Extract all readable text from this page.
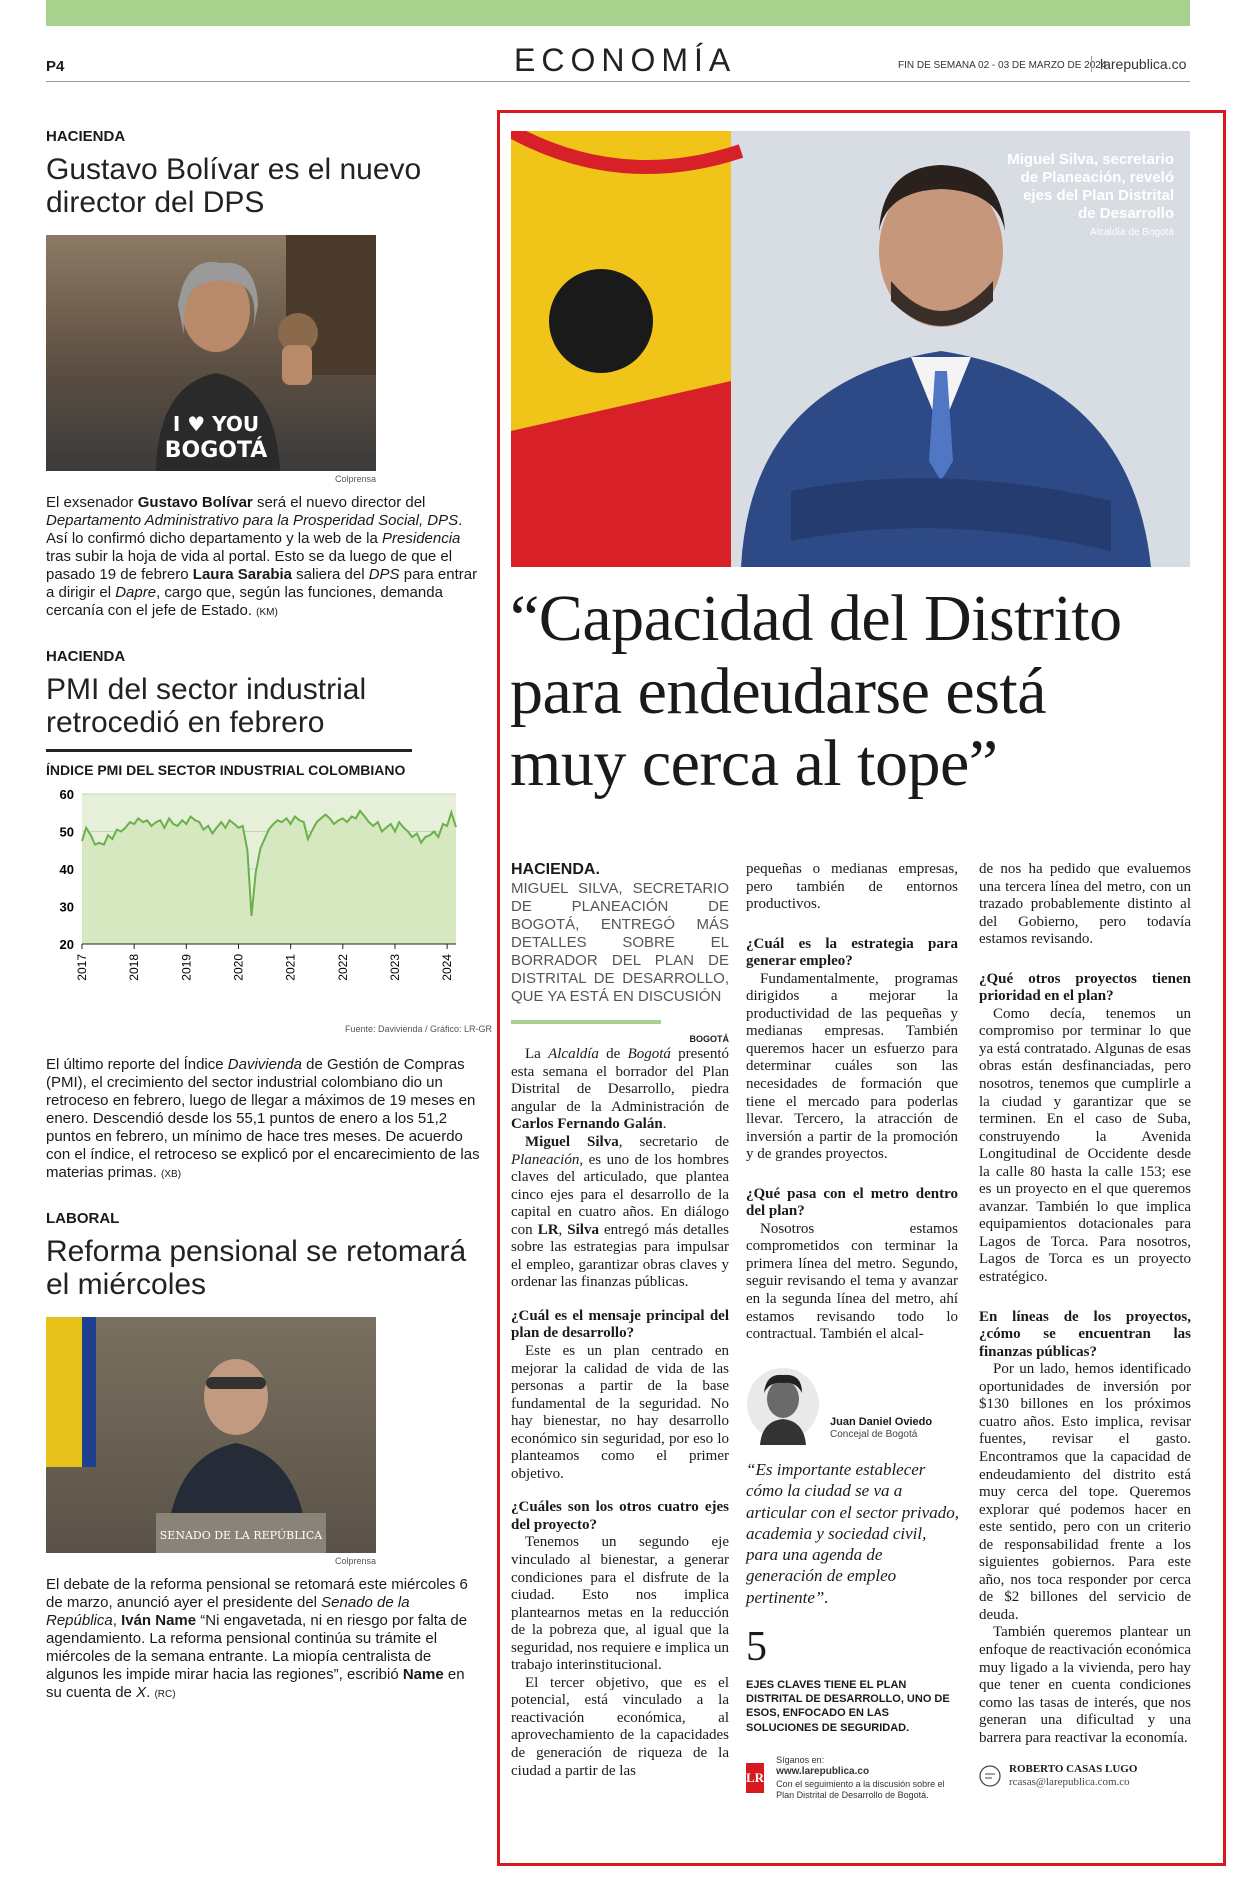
P4	ECONOMÍA	FIN DE SEMANA 02 - 03 DE MARZO DE 2024
larepublica.co
HACIENDA
Gustavo Bolívar es el nuevo director del DPS
I ♥ YOU
BOGOTÁ
Colprensa

El exsenador Gustavo Bolívar será el nuevo director del Departamento Administrativo para la Prosperidad Social, DPS. Así lo confirmó dicho departamento y la web de la Presidencia tras subir la hoja de vida al portal. Esto se da luego de que el pasado 19 de febrero Laura Sarabia saliera del DPS para entrar a dirigir el Dapre, cargo que, según las funciones, demanda cercanía con el jefe de Estado. (KM)

HACIENDA
PMI del sector industrial retrocedió en febrero
ÍNDICE PMI DEL SECTOR INDUSTRIAL COLOMBIANO
60
50
40
30
20
2017	2018	2019	2020	2021	2022	2023	2024
Fuente: Davivienda / Gráfico: LR-GR

El último reporte del Índice Davivienda de Gestión de Compras (PMI), el crecimiento del sector industrial colombiano dio un retroceso en febrero, luego de llegar a máximos de 19 meses en enero. Descendió desde los 55,1 puntos de enero a los 51,2 puntos en febrero, un mínimo de hace tres meses. De acuerdo con el índice, el retroceso se explicó por el encarecimiento de las materias primas. (XB)

LABORAL
Reforma pensional se retomará el miércoles
SENADO DE LA REPÚBLICA
Colprensa

El debate de la reforma pensional se retomará este miércoles 6 de marzo, anunció ayer el presidente del Senado de la República, Iván Name “Ni engavetada, ni en riesgo por falta de agendamiento. La reforma pensional continúa su trámite el miércoles de la semana entrante. La miopía centralista de algunos les impide mirar hacia las regiones”, escribió Name en su cuenta de X. (RC)

Miguel Silva, secretario de Planeación, reveló ejes del Plan Distrital de Desarrollo
Alcaldía de Bogotá
“Capacidad del Distrito
para endeudarse está
muy cerca al tope”
HACIENDA.
MIGUEL SILVA, SECRETARIO DE PLANEACIÓN DE BOGOTÁ, ENTREGÓ MÁS DETALLES SOBRE EL BORRADOR DEL PLAN DE DISTRITAL DE DESARROLLO, QUE YA ESTÁ EN DISCUSIÓN
BOGOTÁ

La Alcaldía de Bogotá presentó esta semana el borrador del Plan Distrital de Desarrollo, piedra angular de la Administración de Carlos Fernando Galán.

Miguel Silva, secretario de Planeación, es uno de los hombres claves del articulado, que plantea cinco ejes para el desarrollo de la capital en cuatro años. En diálogo con LR, Silva entregó más detalles sobre las estrategias para impulsar el empleo, garantizar obras claves y ordenar las finanzas públicas.

¿Cuál es el mensaje principal del plan de desarrollo?

Este es un plan centrado en mejorar la calidad de vida de las personas a partir de la base fundamental de la seguridad. No hay bienestar, no hay desarrollo económico sin seguridad, por eso lo planteamos como el primer objetivo.

¿Cuáles son los otros cuatro ejes del proyecto?

Tenemos un segundo eje vinculado al bienestar, a generar condiciones para el disfrute de la ciudad. Esto nos implica plantearnos metas en la reducción de la pobreza que, al igual que la seguridad, nos requiere e implica un trabajo interinstitucional.

El tercer objetivo, que es el potencial, está vinculado a la reactivación económica, al aprovechamiento de la capacidades de generación de riqueza de la ciudad a partir de las

pequeñas o medianas empresas, pero también de entornos productivos.

¿Cuál es la estrategia para generar empleo?

Fundamentalmente, programas dirigidos a mejorar la productividad de las pequeñas y medianas empresas. También queremos hacer un esfuerzo para determinar cuáles son las necesidades de formación que tiene el mercado para poderlas llevar. Tercero, la atracción de inversión a partir de la promoción y de grandes proyectos.

¿Qué pasa con el metro dentro del plan?

Nosotros estamos comprometidos con terminar la primera línea del metro. Segundo, seguir revisando el tema y avanzar en la segunda línea del metro, ahí estamos revisando todo lo contractual. También el alcal-

Juan Daniel Oviedo
Concejal de Bogotá

“Es importante establecer cómo la ciudad se va a articular con el sector privado, academia y sociedad civil, para una agenda de generación de empleo pertinente”.

5

EJES CLAVES TIENE EL PLAN DISTRITAL DE DESARROLLO, UNO DE ESOS, ENFOCADO EN LAS SOLUCIONES DE SEGURIDAD.

LR
Síganos en:
www.larepublica.co
Con el seguimiento a la discusión sobre el Plan Distrital de Desarrollo de Bogotá.

de nos ha pedido que evaluemos una tercera línea del metro, con un trazado probablemente distinto al del Gobierno, pero todavía estamos revisando.

¿Qué otros proyectos tienen prioridad en el plan?

Como decía, tenemos un compromiso por terminar lo que ya está contratado. Algunas de esas obras están desfinanciadas, pero nosotros, tenemos que cumplirle a la ciudad y garantizar que se terminen. En el caso de Suba, construyendo la Avenida Longitudinal de Occidente desde la calle 80 hasta la calle 153; ese es un proyecto en el que queremos avanzar. También lo que implica equipamientos dotacionales para Lagos de Torca. Para nosotros, Lagos de Torca es un proyecto estratégico.

En líneas de los proyectos, ¿cómo se encuentran las finanzas públicas?

Por un lado, hemos identificado oportunidades de inversión por $130 billones en los próximos cuatro años. Esto implica, revisar fuentes, revisar el gasto. Encontramos que la capacidad de endeudamiento del distrito está muy cerca del tope. Queremos explorar qué podemos hacer en este sentido, pero con un criterio de responsabilidad frente a los siguientes gobiernos. Para este año, nos toca responder por cerca de $2 billones del servicio de deuda.

También queremos plantear un enfoque de reactivación económica muy ligado a la vivienda, pero hay que tener en cuenta condiciones como las tasas de interés, que nos generan una dificultad y una barrera para reactivar la economía.

ROBERTO CASAS LUGO
rcasas@larepublica.com.co
